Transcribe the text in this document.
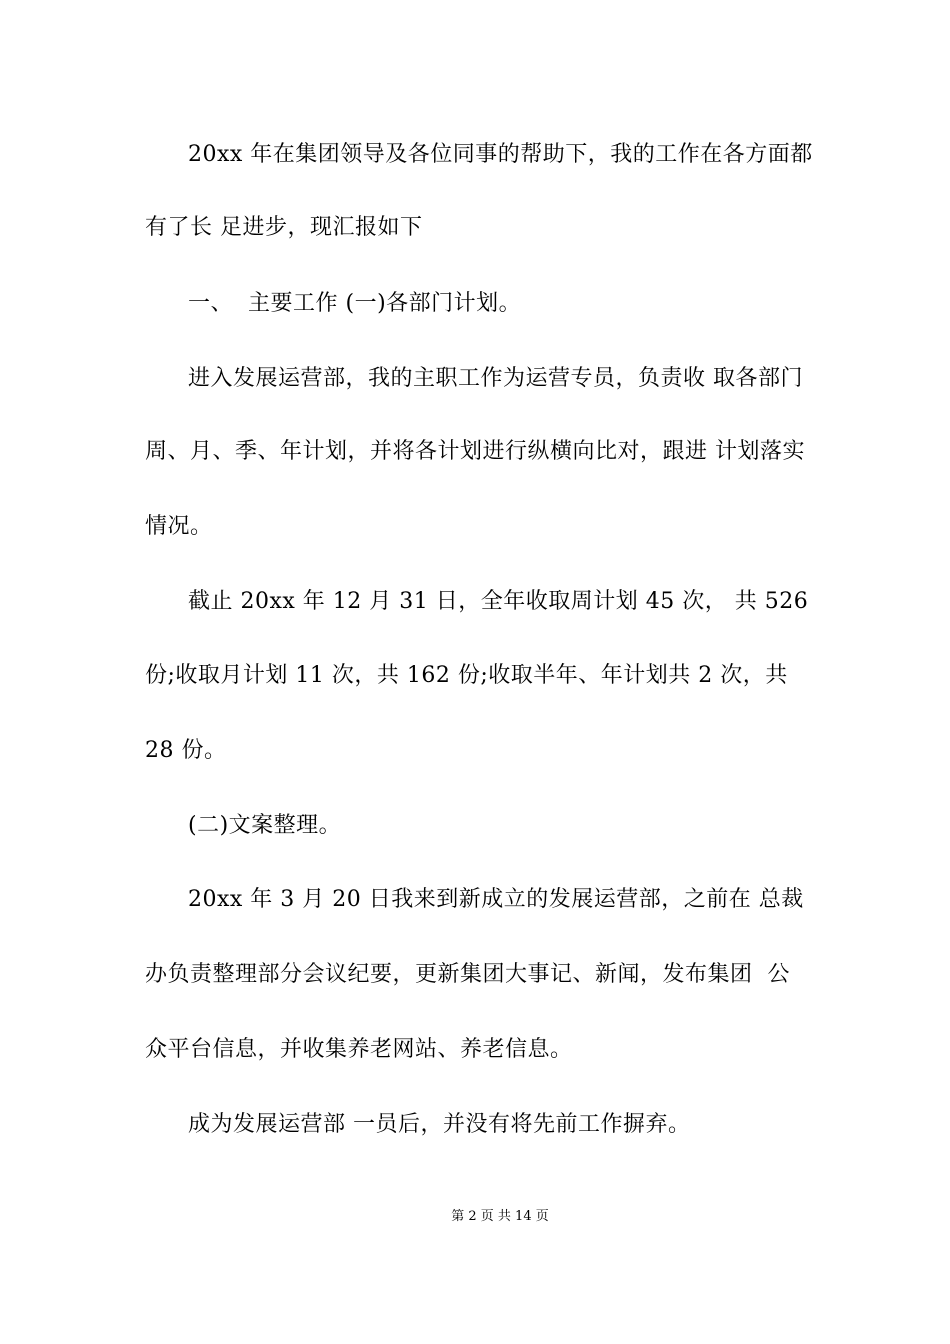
20xx 年在集团领导及各位同事的帮助下，我的工作在各方面都
有了长 足进步，现汇报如下
一、  主要工作 (一)各部门计划。
进入发展运营部，我的主职工作为运营专员，负责收 取各部门
周、月、季、年计划，并将各计划进行纵横向比对，跟进 计划落实
情况。
截止 20xx 年 12 月 31 日，全年收取周计划 45 次， 共 526
份;收取月计划 11 次，共 162 份;收取半年、年计划共 2 次，共
28 份。
(二)文案整理。
20xx 年 3 月 20 日我来到新成立的发展运营部，之前在 总裁
办负责整理部分会议纪要，更新集团大事记、新闻，发布集团  公
众平台信息，并收集养老网站、养老信息。
成为发展运营部 一员后，并没有将先前工作摒弃。
第 2 页 共 14 页
